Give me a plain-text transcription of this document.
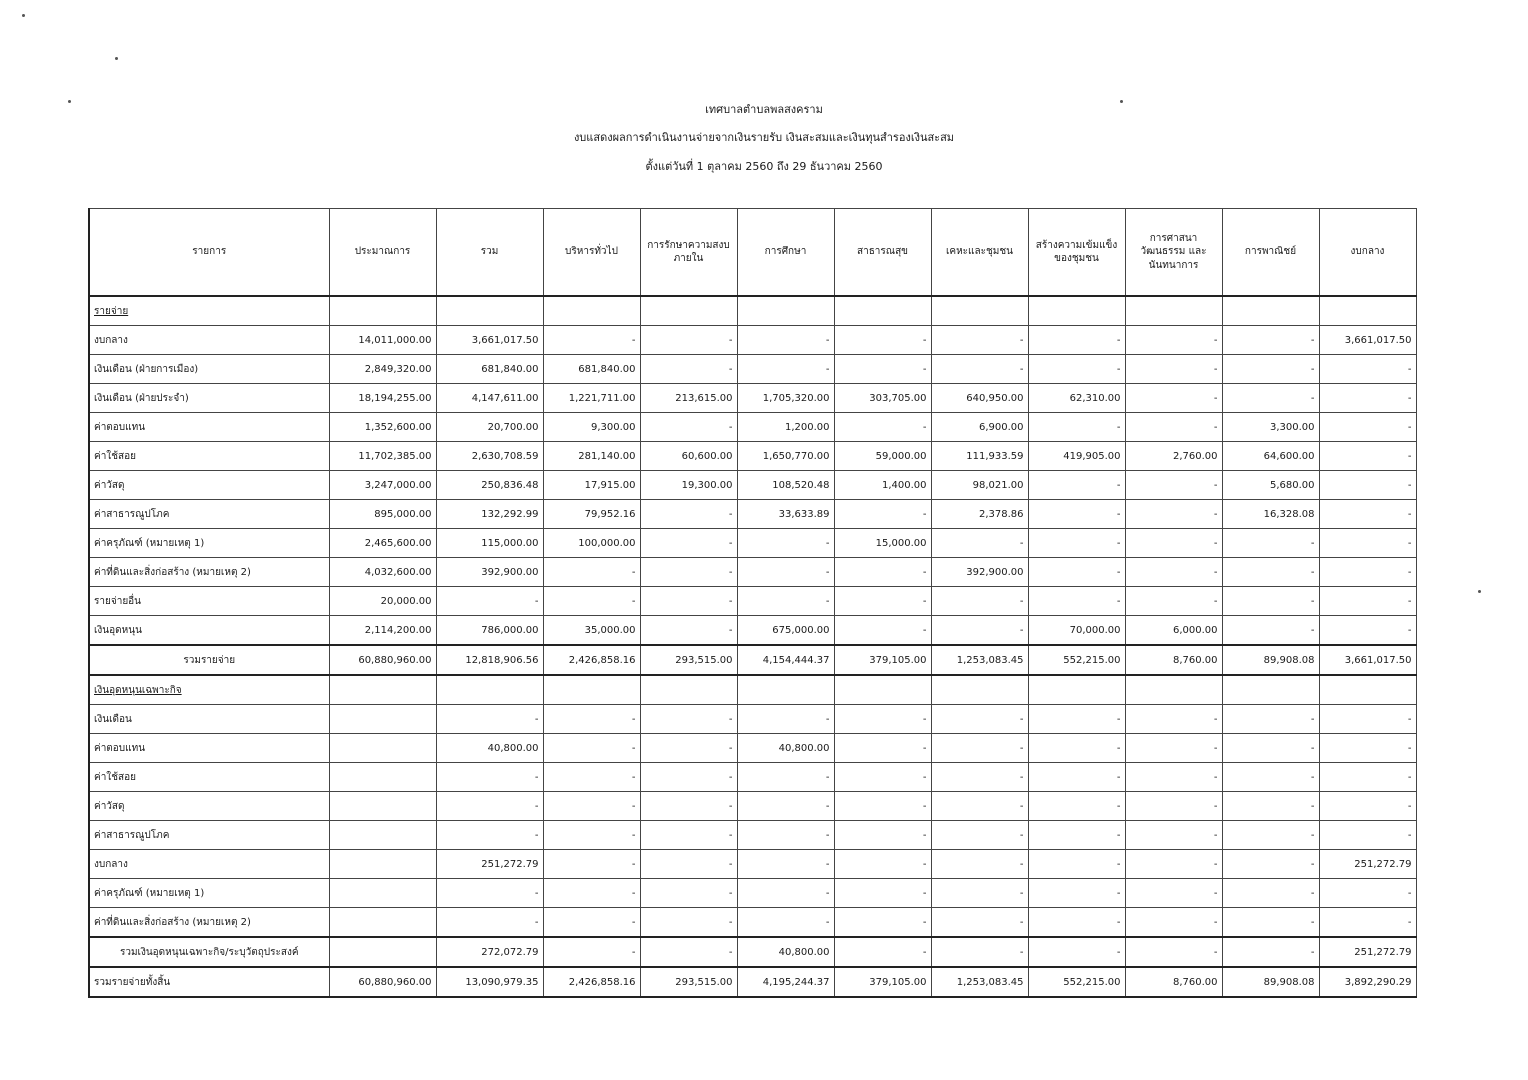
เทศบาลตำบลพลสงคราม
งบแสดงผลการดำเนินงานจ่ายจากเงินรายรับ เงินสะสมและเงินทุนสำรองเงินสะสม
ตั้งแต่วันที่ 1 ตุลาคม 2560 ถึง 29 ธันวาคม 2560
รายการ	ประมาณการ	รวม	บริหารทั่วไป	การรักษาความสงบภายใน	การศึกษา	สาธารณสุข	เคหะและชุมชน	สร้างความเข้มแข็งของชุมชน	การศาสนา วัฒนธรรม และนันทนาการ	การพาณิชย์	งบกลาง
รายจ่าย											
งบกลาง	14,011,000.00	3,661,017.50	-	-	-	-	-	-	-	-	3,661,017.50
เงินเดือน (ฝ่ายการเมือง)	2,849,320.00	681,840.00	681,840.00	-	-	-	-	-	-	-	-
เงินเดือน (ฝ่ายประจำ)	18,194,255.00	4,147,611.00	1,221,711.00	213,615.00	1,705,320.00	303,705.00	640,950.00	62,310.00	-	-	-
ค่าตอบแทน	1,352,600.00	20,700.00	9,300.00	-	1,200.00	-	6,900.00	-	-	3,300.00	-
ค่าใช้สอย	11,702,385.00	2,630,708.59	281,140.00	60,600.00	1,650,770.00	59,000.00	111,933.59	419,905.00	2,760.00	64,600.00	-
ค่าวัสดุ	3,247,000.00	250,836.48	17,915.00	19,300.00	108,520.48	1,400.00	98,021.00	-	-	5,680.00	-
ค่าสาธารณูปโภค	895,000.00	132,292.99	79,952.16	-	33,633.89	-	2,378.86	-	-	16,328.08	-
ค่าครุภัณฑ์ (หมายเหตุ 1)	2,465,600.00	115,000.00	100,000.00	-	-	15,000.00	-	-	-	-	-
ค่าที่ดินและสิ่งก่อสร้าง (หมายเหตุ 2)	4,032,600.00	392,900.00	-	-	-	-	392,900.00	-	-	-	-
รายจ่ายอื่น	20,000.00	-	-	-	-	-	-	-	-	-	-
เงินอุดหนุน	2,114,200.00	786,000.00	35,000.00	-	675,000.00	-	-	70,000.00	6,000.00	-	-
รวมรายจ่าย	60,880,960.00	12,818,906.56	2,426,858.16	293,515.00	4,154,444.37	379,105.00	1,253,083.45	552,215.00	8,760.00	89,908.08	3,661,017.50
เงินอุดหนุนเฉพาะกิจ											
เงินเดือน		-	-	-	-	-	-	-	-	-	-
ค่าตอบแทน		40,800.00	-	-	40,800.00	-	-	-	-	-	-
ค่าใช้สอย		-	-	-	-	-	-	-	-	-	-
ค่าวัสดุ		-	-	-	-	-	-	-	-	-	-
ค่าสาธารณูปโภค		-	-	-	-	-	-	-	-	-	-
งบกลาง		251,272.79	-	-	-	-	-	-	-	-	251,272.79
ค่าครุภัณฑ์ (หมายเหตุ 1)		-	-	-	-	-	-	-	-	-	-
ค่าที่ดินและสิ่งก่อสร้าง (หมายเหตุ 2)		-	-	-	-	-	-	-	-	-	-
รวมเงินอุดหนุนเฉพาะกิจ/ระบุวัตถุประสงค์		272,072.79	-	-	40,800.00	-	-	-	-	-	251,272.79
รวมรายจ่ายทั้งสิ้น	60,880,960.00	13,090,979.35	2,426,858.16	293,515.00	4,195,244.37	379,105.00	1,253,083.45	552,215.00	8,760.00	89,908.08	3,892,290.29
